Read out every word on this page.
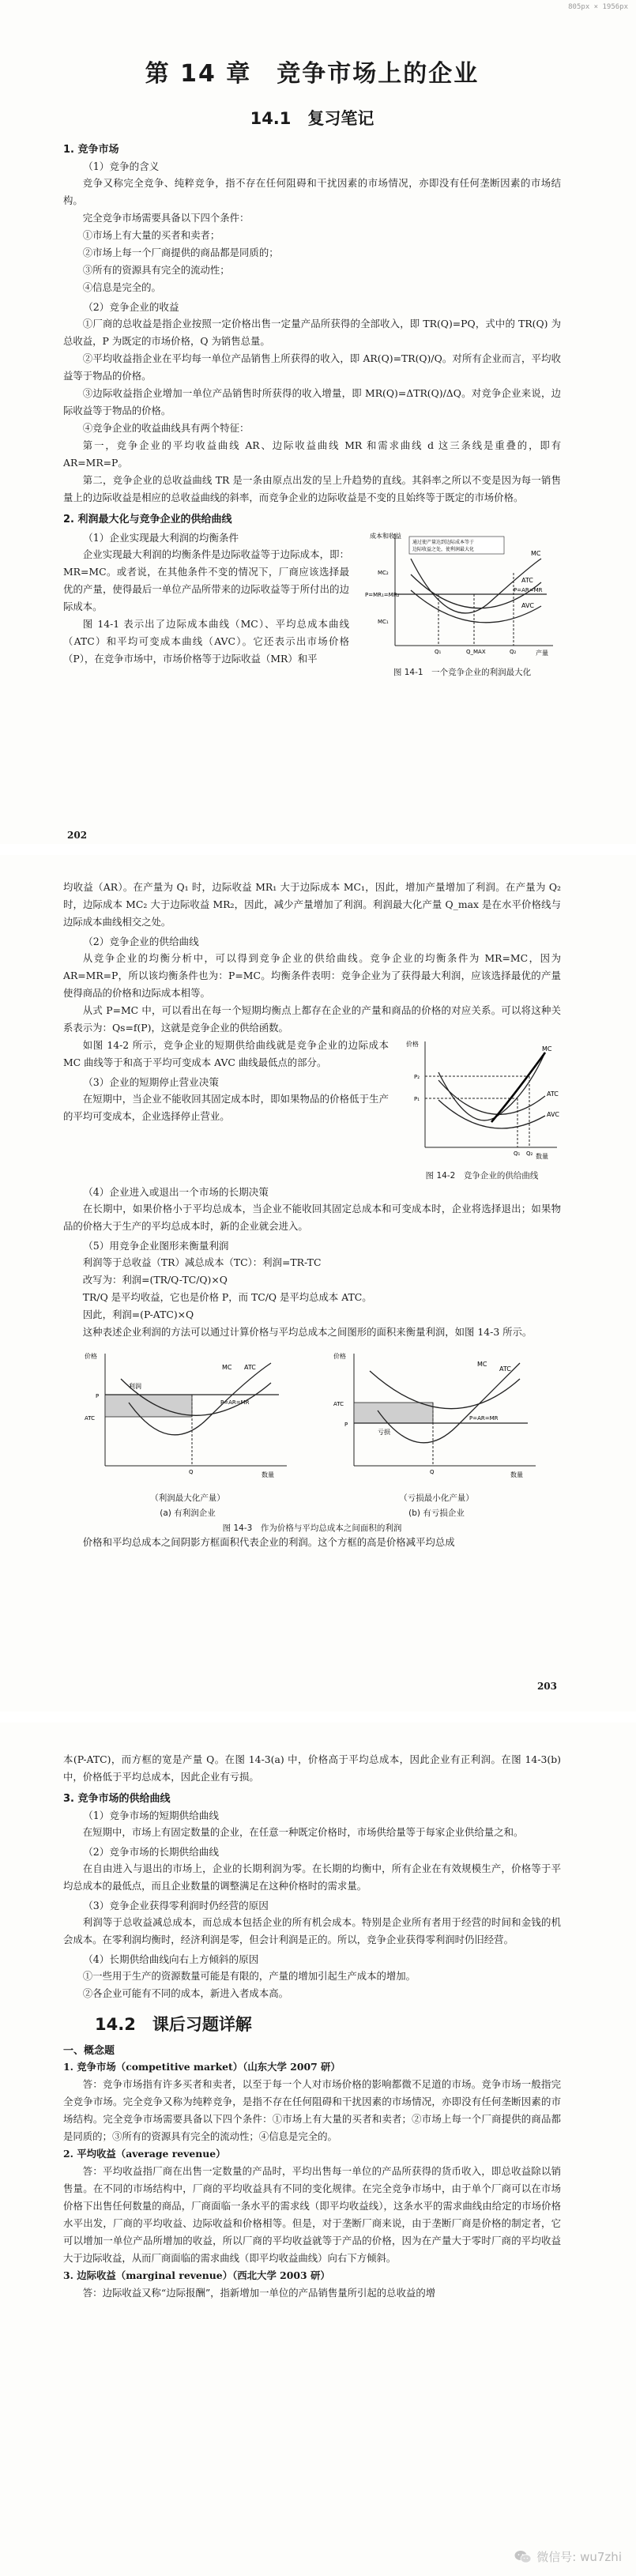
805px × 1956px
第 14 章　竞争市场上的企业
14.1　复习笔记
1. 竞争市场
（1）竞争的含义

竞争又称完全竞争、纯粹竞争，指不存在任何阻碍和干扰因素的市场情况，亦即没有任何垄断因素的市场结构。

完全竞争市场需要具备以下四个条件：

①市场上有大量的买者和卖者；

②市场上每一个厂商提供的商品都是同质的；

③所有的资源具有完全的流动性；

④信息是完全的。

（2）竞争企业的收益

①厂商的总收益是指企业按照一定价格出售一定量产品所获得的全部收入，即 TR(Q)=PQ，式中的 TR(Q) 为总收益，P 为既定的市场价格，Q 为销售总量。

②平均收益指企业在平均每一单位产品销售上所获得的收入，即 AR(Q)=TR(Q)/Q。对所有企业而言，平均收益等于物品的价格。

③边际收益指企业增加一单位产品销售时所获得的收入增量，即 MR(Q)=ΔTR(Q)/ΔQ。对竞争企业来说，边际收益等于物品的价格。

④竞争企业的收益曲线具有两个特征：

第一，竞争企业的平均收益曲线 AR、边际收益曲线 MR 和需求曲线 d 这三条线是重叠的，即有 AR=MR=P。

第二，竞争企业的总收益曲线 TR 是一条由原点出发的呈上升趋势的直线。其斜率之所以不变是因为每一销售量上的边际收益是相应的总收益曲线的斜率，而竞争企业的边际收益是不变的且始终等于既定的市场价格。

2. 利润最大化与竞争企业的供给曲线
（1）企业实现最大利润的均衡条件

企业实现最大利润的均衡条件是边际收益等于边际成本，即：MR=MC。或者说，在其他条件不变的情况下，厂商应该选择最优的产量，使得最后一单位产品所带来的边际收益等于所付出的边际成本。

图 14-1 表示出了边际成本曲线（MC）、平均总成本曲线（ATC）和平均可变成本曲线（AVC）。它还表示出市场价格（P），在竞争市场中，市场价格等于边际收益（MR）和平

成本和收益
产量
P=MR₁=MR₂
P=AR=MR
MC
ATC
AVC
Q₁	Q_MAX	Q₂
通过使产量达到边际成本等于
边际收益之处，使利润最大化
MC₁
MC₂
图 14-1　一个竞争企业的利润最大化
202

均收益（AR）。在产量为 Q₁ 时，边际收益 MR₁ 大于边际成本 MC₁，因此，增加产量增加了利润。在产量为 Q₂ 时，边际成本 MC₂ 大于边际收益 MR₂，因此，减少产量增加了利润。利润最大化产量 Q_max 是在水平价格线与边际成本曲线相交之处。

（2）竞争企业的供给曲线

从竞争企业的均衡分析中，可以得到竞争企业的供给曲线。竞争企业的均衡条件为 MR=MC，因为 AR=MR=P，所以该均衡条件也为：P=MC。均衡条件表明：竞争企业为了获得最大利润，应该选择最优的产量使得商品的价格和边际成本相等。

从式 P=MC 中，可以看出在每一个短期均衡点上都存在企业的产量和商品的价格的对应关系。可以将这种关系表示为：Qs=f(P)，这就是竞争企业的供给函数。

如图 14-2 所示，竞争企业的短期供给曲线就是竞争企业的边际成本 MC 曲线等于和高于平均可变成本 AVC 曲线最低点的部分。

（3）企业的短期停止营业决策

在短期中，当企业不能收回其固定成本时，即如果物品的价格低于生产的平均可变成本，企业选择停止营业。

价格
数量
MC
ATC
AVC
P₂
P₁
Q₁ Q₂
图 14-2　竞争企业的供给曲线
（4）企业进入或退出一个市场的长期决策

在长期中，如果价格小于平均总成本，当企业不能收回其固定总成本和可变成本时，企业将选择退出；如果物品的价格大于生产的平均总成本时，新的企业就会进入。

（5）用竞争企业图形来衡量利润

利润等于总收益（TR）减总成本（TC）：利润=TR-TC

改写为：利润=(TR/Q-TC/Q)×Q

TR/Q 是平均收益，它也是价格 P，而 TC/Q 是平均总成本 ATC。

因此，利润=(P-ATC)×Q

这种表述企业利润的方法可以通过计算价格与平均总成本之间图形的面积来衡量利润，如图 14-3 所示。

价格
数量
利润
P=AR=MR
MC ATC
P
ATC
Q
（利润最大化产量）
(a) 有利润企业
价格
数量
亏损
P=AR=MR
MC
ATC
ATC
P
Q
（亏损最小化产量）
(b) 有亏损企业
图 14-3　作为价格与平均总成本之间面积的利润

价格和平均总成本之间阴影方框面积代表企业的利润。这个方框的高是价格减平均总成

203

本(P-ATC)，而方框的宽是产量 Q。在图 14-3(a) 中，价格高于平均总成本，因此企业有正利润。在图 14-3(b) 中，价格低于平均总成本，因此企业有亏损。

3. 竞争市场的供给曲线
（1）竞争市场的短期供给曲线

在短期中，市场上有固定数量的企业，在任意一种既定价格时，市场供给量等于每家企业供给量之和。

（2）竞争市场的长期供给曲线

在自由进入与退出的市场上，企业的长期利润为零。在长期的均衡中，所有企业在有效规模生产，价格等于平均总成本的最低点，而且企业数量的调整满足在这种价格时的需求量。

（3）竞争企业获得零利润时仍经营的原因

利润等于总收益减总成本，而总成本包括企业的所有机会成本。特别是企业所有者用于经营的时间和金钱的机会成本。在零利润均衡时，经济利润是零，但会计利润是正的。所以，竞争企业获得零利润时仍旧经营。

（4）长期供给曲线向右上方倾斜的原因

①一些用于生产的资源数量可能是有限的，产量的增加引起生产成本的增加。

②各企业可能有不同的成本，新进入者成本高。

14.2　课后习题详解
一、概念题

1. 竞争市场（competitive market）（山东大学 2007 研）

答：竞争市场指有许多买者和卖者，以至于每一个人对市场价格的影响都微不足道的市场。竞争市场一般指完全竞争市场。完全竞争又称为纯粹竞争，是指不存在任何阻碍和干扰因素的市场情况，亦即没有任何垄断因素的市场结构。完全竞争市场需要具备以下四个条件：①市场上有大量的买者和卖者；②市场上每一个厂商提供的商品都是同质的；③所有的资源具有完全的流动性；④信息是完全的。

2. 平均收益（average revenue）

答：平均收益指厂商在出售一定数量的产品时，平均出售每一单位的产品所获得的货币收入，即总收益除以销售量。在不同的市场结构中，厂商的平均收益具有不同的变化规律。在完全竞争市场中，由于单个厂商可以在市场价格下出售任何数量的商品，厂商面临一条水平的需求线（即平均收益线），这条水平的需求曲线由给定的市场价格水平出发，厂商的平均收益、边际收益和价格相等。但是，对于垄断厂商来说，由于垄断厂商是价格的制定者，它可以增加一单位产品所增加的收益，所以厂商的平均收益就等于产品的价格，因为在产量大于零时厂商的平均收益大于边际收益，从而厂商面临的需求曲线（即平均收益曲线）向右下方倾斜。

3. 边际收益（marginal revenue）（西北大学 2003 研）

答：边际收益又称“边际报酬”，指新增加一单位的产品销售量所引起的总收益的增

微信号: wu7zhi
